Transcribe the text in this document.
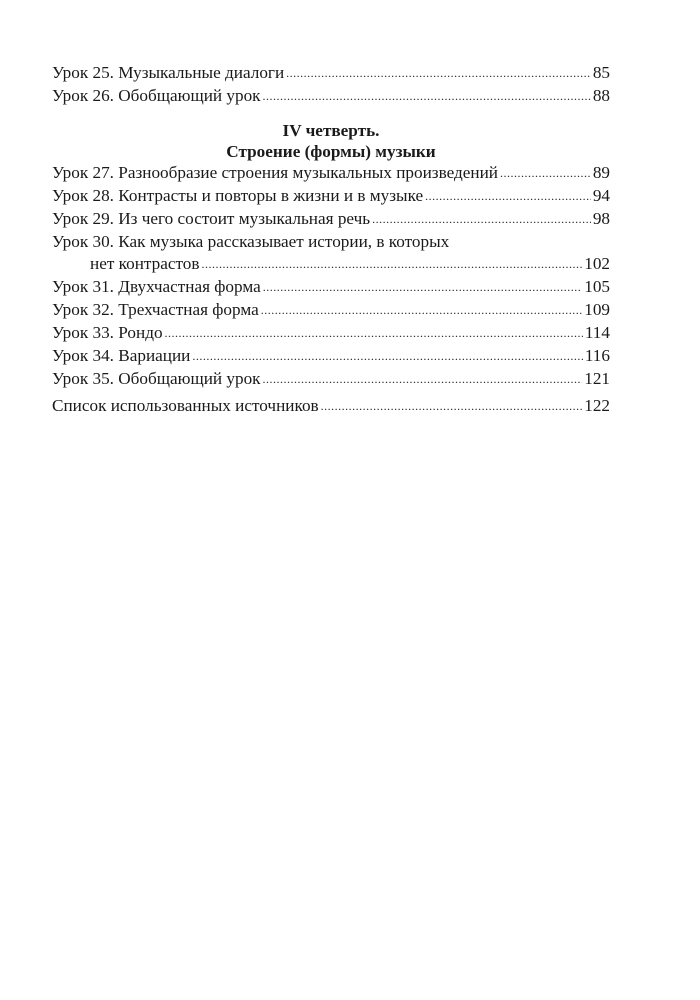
Урок 25. Музыкальные диалоги .....	85
Урок 26. Обобщающий урок .....	88
IV четверть.
Строение (формы) музыки
Урок 27. Разнообразие строения музыкальных произведений .....	89
Урок 28. Контрасты и повторы в жизни и в музыке .....	94
Урок 29. Из чего состоит музыкальная речь .....	98
Урок 30. Как музыка рассказывает истории, в которых
нет контрастов .....	102
Урок 31. Двухчастная форма .....	105
Урок 32. Трехчастная форма .....	109
Урок 33. Рондо .....	114
Урок 34. Вариации .....	116
Урок 35. Обобщающий урок .....	121
Список использованных источников .....	122
